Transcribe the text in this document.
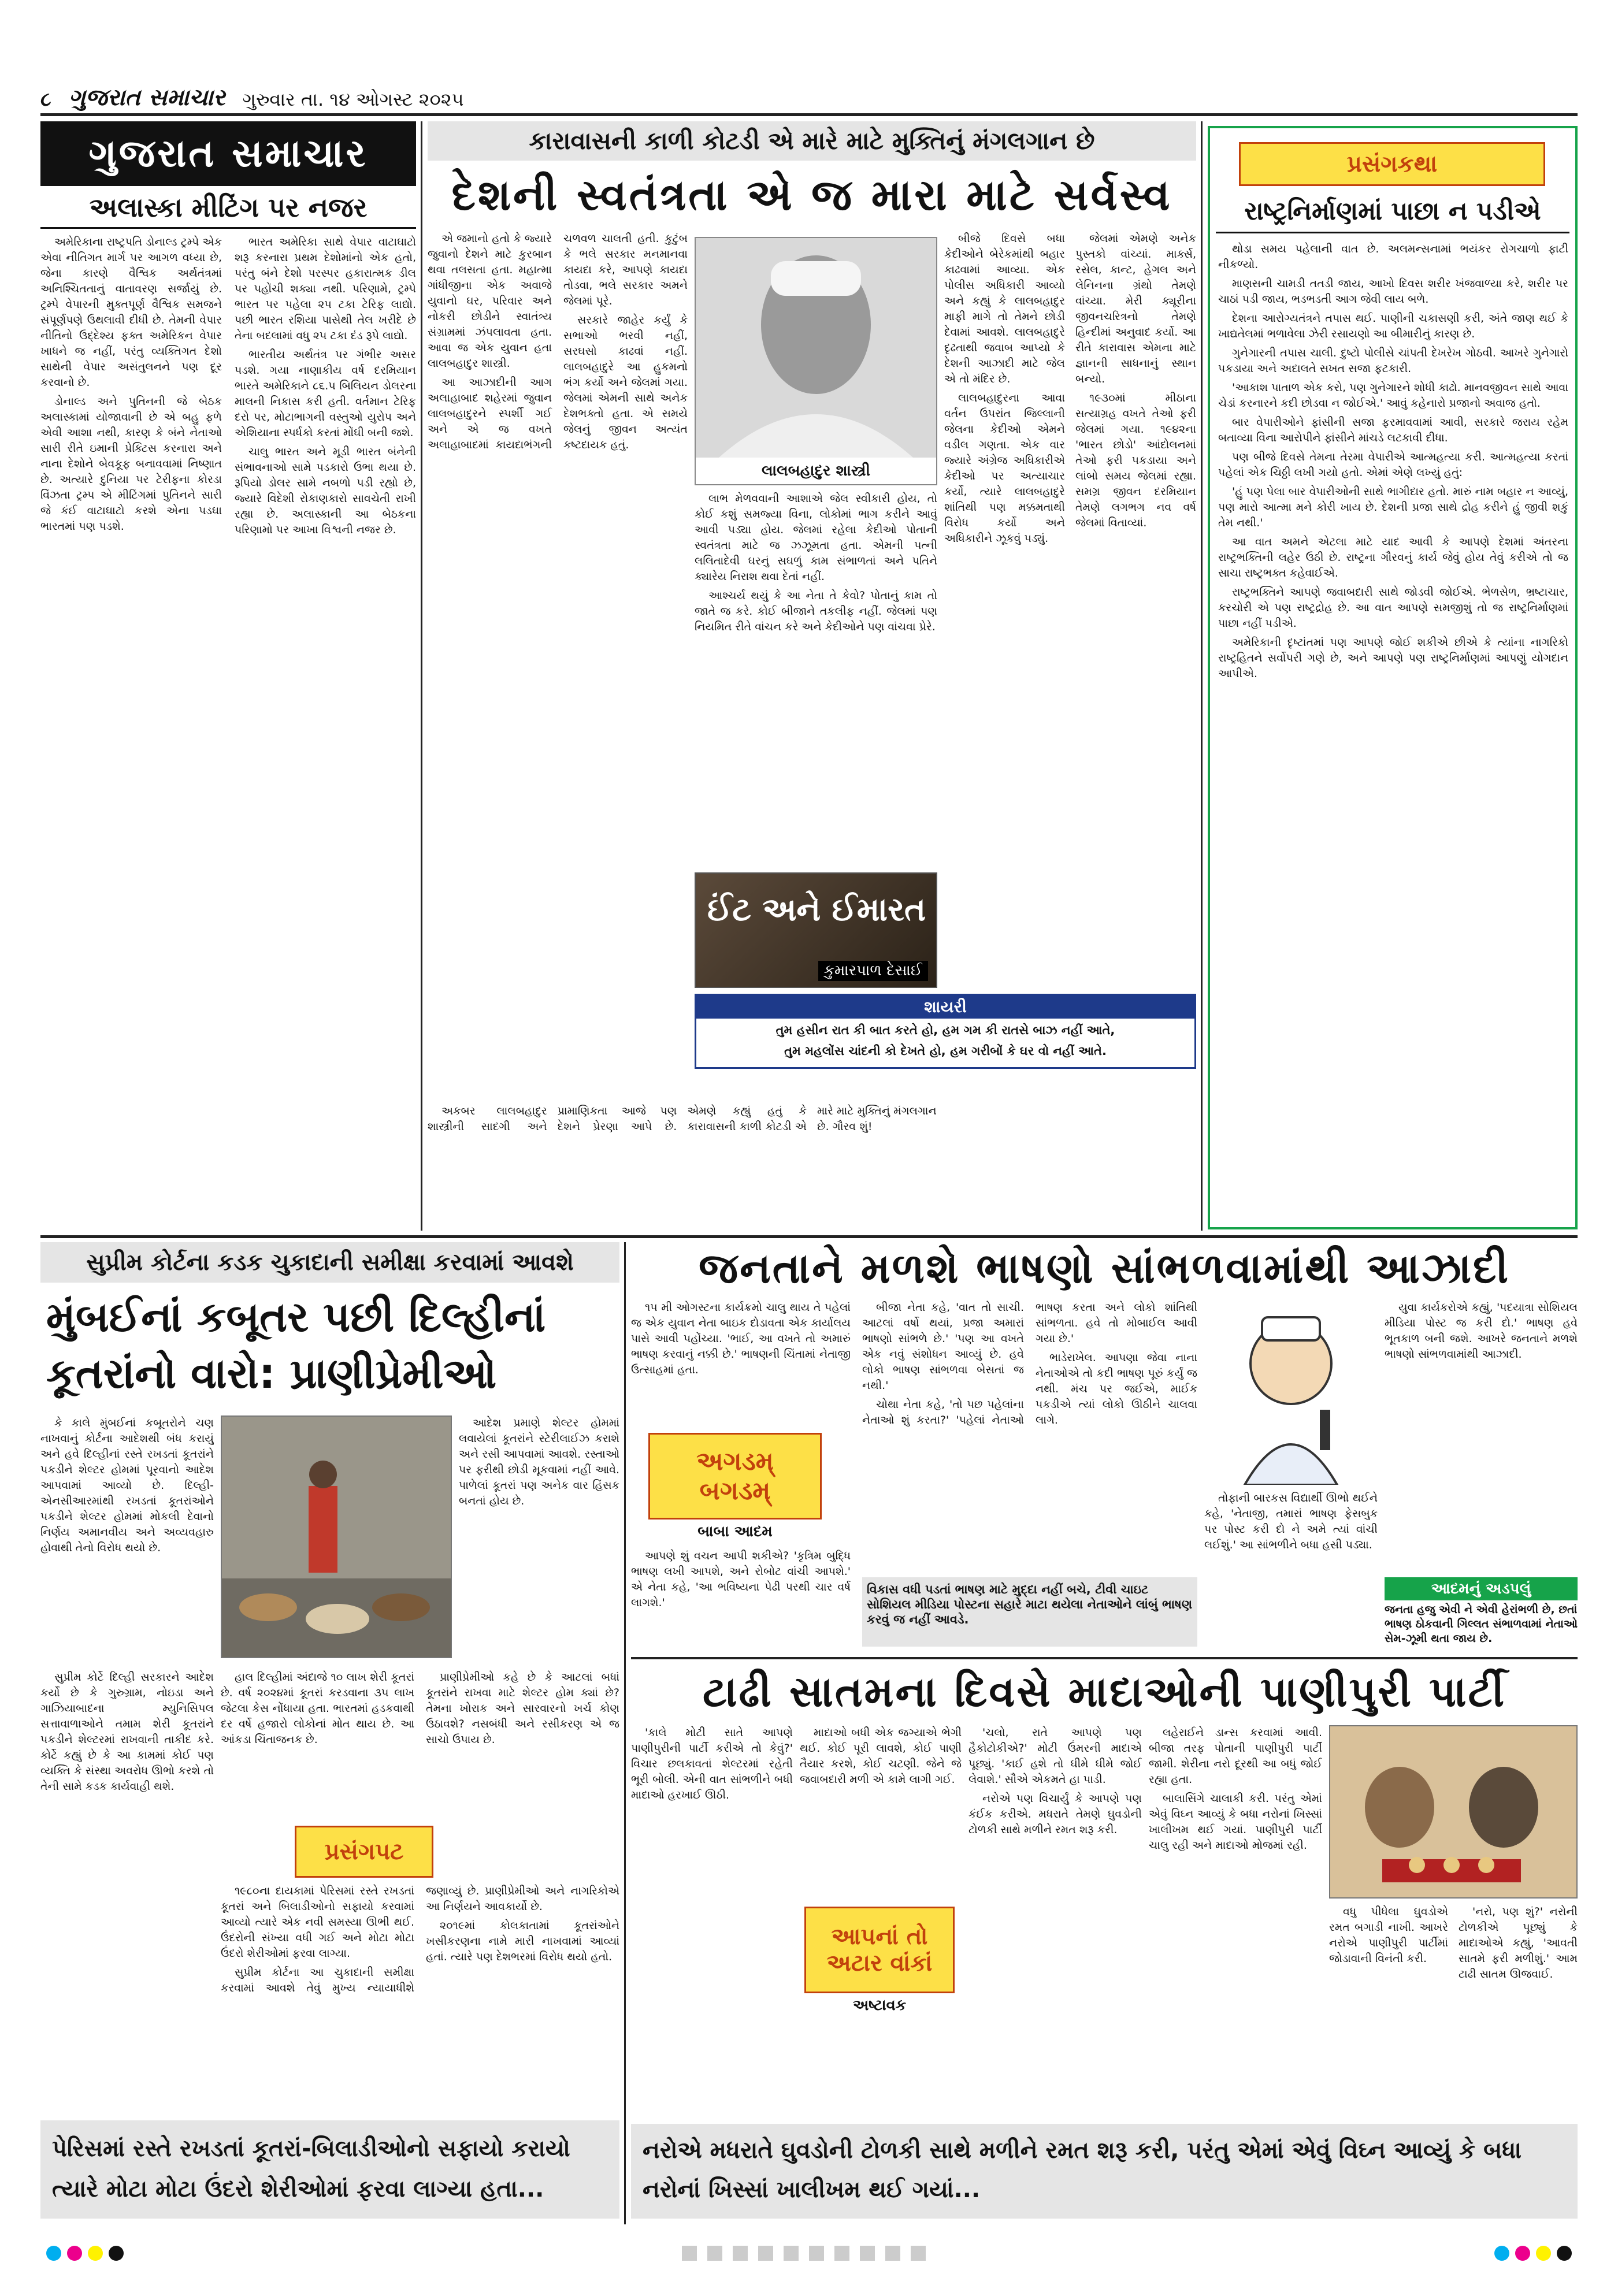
૮ ગુજરાત સમાચાર ગુરુવાર તા. ૧૪ ઓગસ્ટ ૨૦૨૫
ગુજરાત સમાચાર
અલાસ્કા મીટિંગ પર નજર

અમેરિકાના રાષ્ટ્રપતિ ડોનાલ્ડ ટ્રમ્પે એક એવા નીતિગત માર્ગ પર આગળ વધ્યા છે, જેના કારણે વૈશ્વિક અર્થતંત્રમાં અનિશ્ચિતતાનું વાતાવરણ સર્જાયું છે. ટ્રમ્પે વેપારની મુક્તપૂર્ણ વૈશ્વિક સમજને સંપૂર્ણપણે ઉથલાવી દીધી છે. તેમની વેપાર નીતિનો ઉદ્દેશ્ય ફક્ત અમેરિકન વેપાર ખાધને જ નહીં, પરંતુ વ્યક્તિગત દેશો સાથેની વેપાર અસંતુલનને પણ દૂર કરવાનો છે.

ડોનાલ્ડ અને પુતિનની જે બેઠક અલાસ્કામાં યોજાવાની છે એ બહુ ફળે એવી આશા નથી, કારણ કે બંને નેતાઓ સારી રીતે ઇમાની પ્રેક્ટિસ કરનારા અને નાના દેશોને બેવકૂફ બનાવવામાં નિષ્ણાત છે. અત્યારે દુનિયા પર ટેરીફના કોરડા વિંઝતા ટ્રમ્પ એ મીટિંગમાં પુતિનને સારી જે કંઈ વાટાઘાટો કરશે એના પડઘા ભારતમાં પણ પડશે.

ભારત અમેરિકા સાથે વેપાર વાટાઘાટો શરૂ કરનારા પ્રથમ દેશોમાંનો એક હતો, પરંતુ બંને દેશો પરસ્પર હકારાત્મક ડીલ પર પહોંચી શક્યા નથી. પરિણામે, ટ્રમ્પે ભારત પર પહેલા ૨૫ ટકા ટેરિફ લાદ્યો. પછી ભારત રશિયા પાસેથી તેલ ખરીદે છે તેના બદલામાં વધુ ૨૫ ટકા દંડ રૂપે લાદ્યો.

ભારતીય અર્થતંત્ર પર ગંભીર અસર પડશે. ગયા નાણાકીય વર્ષ દરમિયાન ભારતે અમેરિકાને ૮૬.૫ બિલિયન ડોલરના માલની નિકાસ કરી હતી. વર્તમાન ટેરિફ દરો પર, મોટાભાગની વસ્તુઓ યુરોપ અને એશિયાના સ્પર્ધકો કરતાં મોંઘી બની જશે.

ચાલુ ભારત અને મૂડી ભારત બંનેની સંભાવનાઓ સામે પડકારો ઉભા થયા છે. રૂપિયો ડોલર સામે નબળો પડી રહ્યો છે, જ્યારે વિદેશી રોકાણકારો સાવચેતી રાખી રહ્યા છે. અલાસ્કાની આ બેઠકના પરિણામો પર આખા વિશ્વની નજર છે.

કારાવાસની કાળી કોટડી એ મારે માટે મુક્તિનું મંગલગાન છે
દેશની સ્વતંત્રતા એ જ મારા માટે સર્વસ્વ
લાલબહાદુર શાસ્ત્રી

એ જમાનો હતો કે જ્યારે જુવાનો દેશને માટે કુરબાન થવા તલસતા હતા. મહાત્મા ગાંધીજીના એક અવાજે યુવાનો ઘર, પરિવાર અને નોકરી છોડીને સ્વાતંત્ર્ય સંગ્રામમાં ઝંપલાવતા હતા. આવા જ એક યુવાન હતા લાલબહાદુર શાસ્ત્રી.

આ આઝાદીની આગ અલાહાબાદ શહેરમાં જુવાન લાલબહાદુરને સ્પર્શી ગઈ અને એ જ વખતે અલાહાબાદમાં કાયદાભંગની ચળવળ ચાલતી હતી. કુટુંબ કે ભલે સરકાર મનમાનવા કાયદા કરે, આપણે કાયદા તોડવા, ભલે સરકાર અમને જેલમાં પૂરે.

સરકારે જાહેર કર્યું કે સભાઓ ભરવી નહીં, સરઘસો કાઢવાં નહીં. લાલબહાદુરે આ હુકમનો ભંગ કર્યો અને જેલમાં ગયા. જેલમાં એમની સાથે અનેક દેશભક્તો હતા. એ સમયે જેલનું જીવન અત્યંત કષ્ટદાયક હતું.

લાભ મેળવવાની આશાએ જેલ સ્વીકારી હોય, તો કોઈ કશું સમજ્યા વિના, લોકોમાં ભાગ કરીને આવું આવી પડ્યા હોય. જેલમાં રહેલા કેદીઓ પોતાની સ્વતંત્રતા માટે જ ઝઝૂમતા હતા. એમની પત્ની લલિતાદેવી ઘરનું સઘળું કામ સંભાળતાં અને પતિને ક્યારેય નિરાશ થવા દેતાં નહીં.

આશ્ચર્ય થયું કે આ નેતા તે કેવો? પોતાનું કામ તો જાતે જ કરે. કોઈ બીજાને તકલીફ નહીં. જેલમાં પણ નિયમિત રીતે વાંચન કરે અને કેદીઓને પણ વાંચવા પ્રેરે.

ઈંટ અને ઈમારત
કુમારપાળ દેસાઈ

બીજે દિવસે બધા કેદીઓને બેરેકમાંથી બહાર કાઢવામાં આવ્યા. એક પોલીસ અધિકારી આવ્યો અને કહ્યું કે લાલબહાદુર માફી માગે તો તેમને છોડી દેવામાં આવશે. લાલબહાદુરે દૃઢતાથી જવાબ આપ્યો કે દેશની આઝાદી માટે જેલ એ તો મંદિર છે.

લાલબહાદુરના આવા વર્તન ઉપરાંત જિલ્લાની જેલના કેદીઓ એમને વડીલ ગણતા. એક વાર જ્યારે અંગ્રેજ અધિકારીએ કેદીઓ પર અત્યાચાર કર્યો, ત્યારે લાલબહાદુરે શાંતિથી પણ મક્કમતાથી વિરોધ કર્યો અને અધિકારીને ઝૂકવું પડ્યું.

જેલમાં એમણે અનેક પુસ્તકો વાંચ્યાં. માર્ક્સ, રસેલ, કાન્ટ, હેગલ અને લેનિનના ગ્રંથો તેમણે વાંચ્યા. મેરી ક્યૂરીના જીવનચરિત્રનો તેમણે હિન્દીમાં અનુવાદ કર્યો. આ રીતે કારાવાસ એમના માટે જ્ઞાનની સાધનાનું સ્થાન બન્યો.

૧૯૩૦માં મીઠાના સત્યાગ્રહ વખતે તેઓ ફરી જેલમાં ગયા. ૧૯૪૨ના 'ભારત છોડો' આંદોલનમાં તેઓ ફરી પકડાયા અને લાંબો સમય જેલમાં રહ્યા. સમગ્ર જીવન દરમિયાન તેમણે લગભગ નવ વર્ષ જેલમાં વિતાવ્યાં.

અકબર લાલબહાદુર શાસ્ત્રીની સાદગી અને પ્રામાણિકતા આજે પણ દેશને પ્રેરણા આપે છે. એમણે કહ્યું હતું કે કારાવાસની કાળી કોટડી એ મારે માટે મુક્તિનું મંગલગાન છે. ગૌરવ શું!

શાયરી
તુમ હસીન રાત કી બાત કરતે હો, હમ ગમ કી રાતસે બાઝ નહીં આતે,
તુમ મહલોંસ ચાંદની કો દેખતે હો, હમ ગરીબોં કે ઘર વો નહીં આતે.
પ્રસંગકથા
રાષ્ટ્રનિર્માણમાં પાછા ન પડીએ

થોડા સમય પહેલાની વાત છે. અલમન્સનામાં ભયંકર રોગચાળો ફાટી નીકળ્યો.

માણસની ચામડી તતડી જાય, આખો દિવસ શરીર ખંજવાળ્યા કરે, શરીર પર ચાઠાં પડી જાય, ભડભડતી આગ જેવી લાય બળે.

દેશના આરોગ્યતંત્રને તપાસ થઈ. પાણીની ચકાસણી કરી, અંતે જાણ થઈ કે ખાદ્યતેલમાં ભળાવેલા ઝેરી રસાયણો આ બીમારીનું કારણ છે.

ગુનેગારની તપાસ ચાલી. દુષ્ટો પોલીસે ચાંપતી દેખરેખ ગોઠવી. આખરે ગુનેગારો પકડાયા અને અદાલતે સખત સજા ફટકારી.

'આકાશ પાતાળ એક કરો, પણ ગુનેગારને શોધી કાઢો. માનવજીવન સાથે આવા ચેડાં કરનારને કદી છોડવા ન જોઈએ.' આવું કહેનારો પ્રજાનો અવાજ હતો.

બાર વેપારીઓને ફાંસીની સજા ફરમાવવામાં આવી, સરકારે જરાય રહેમ બતાવ્યા વિના આરોપીને ફાંસીને માંચડે લટકાવી દીધા.

પણ બીજે દિવસે તેમના તેરમા વેપારીએ આત્મહત્યા કરી. આત્મહત્યા કરતાં પહેલાં એક ચિઠ્ઠી લખી ગયો હતો. એમાં એણે લખ્યું હતું:

'હું પણ પેલા બાર વેપારીઓની સાથે ભાગીદાર હતો. મારું નામ બહાર ન આવ્યું, પણ મારો આત્મા મને કોરી ખાય છે. દેશની પ્રજા સાથે દ્રોહ કરીને હું જીવી શકું તેમ નથી.'

આ વાત અમને એટલા માટે યાદ આવી કે આપણે દેશમાં અંતરના રાષ્ટ્રભક્તિની લહેર ઉઠી છે. રાષ્ટ્રના ગૌરવનું કાર્ય જેવું હોય તેવું કરીએ તો જ સાચા રાષ્ટ્રભક્ત કહેવાઈએ.

રાષ્ટ્રભક્તિને આપણે જવાબદારી સાથે જોડવી જોઈએ. ભેળસેળ, ભ્રષ્ટાચાર, કરચોરી એ પણ રાષ્ટ્રદ્રોહ છે. આ વાત આપણે સમજીશું તો જ રાષ્ટ્રનિર્માણમાં પાછા નહીં પડીએ.

અમેરિકાની દૃષ્ટાંતમાં પણ આપણે જોઈ શકીએ છીએ કે ત્યાંના નાગરિકો રાષ્ટ્રહિતને સર્વોપરી ગણે છે, અને આપણે પણ રાષ્ટ્રનિર્માણમાં આપણું યોગદાન આપીએ.

સુપ્રીમ કોર્ટના કડક ચુકાદાની સમીક્ષા કરવામાં આવશે
મુંબઈનાં કબૂતર પછી દિલ્હીનાં કૂતરાંનો વારો: પ્રાણીપ્રેમીઓ

કે કાલે મુંબઈનાં કબૂતરોને ચણ નાખવાનું કોર્ટના આદેશથી બંધ કરાયું અને હવે દિલ્હીનાં રસ્તે રખડતાં કૂતરાંને પકડીને શેલ્ટર હોમમાં પૂરવાનો આદેશ આપવામાં આવ્યો છે. દિલ્હી-એનસીઆરમાંથી રખડતાં કૂતરાંઓને પકડીને શેલ્ટર હોમમાં મોકલી દેવાનો નિર્ણય અમાનવીય અને અવ્યવહારુ હોવાથી તેનો વિરોધ થયો છે.

આદેશ પ્રમાણે શેલ્ટર હોમમાં લવાયેલાં કૂતરાંને સ્ટેરીલાઈઝ કરાશે અને રસી આપવામાં આવશે. રસ્તાઓ પર ફરીથી છોડી મૂકવામાં નહીં આવે. પાળેલાં કૂતરાં પણ અનેક વાર હિંસક બનતાં હોય છે.

સુપ્રીમ કોર્ટે દિલ્હી સરકારને આદેશ કર્યો છે કે ગુરુગ્રામ, નોઇડા અને ગાઝિયાબાદના મ્યુનિસિપલ સત્તાવાળાઓને તમામ શેરી કૂતરાંને પકડીને શેલ્ટરમાં રાખવાની તાકીદ કરે. કોર્ટે કહ્યું છે કે આ કામમાં કોઈ પણ વ્યક્તિ કે સંસ્થા અવરોધ ઊભો કરશે તો તેની સામે કડક કાર્યવાહી થશે.

પ્રસંગપટ

હાલ દિલ્હીમાં અંદાજે ૧૦ લાખ શેરી કૂતરાં છે. વર્ષ ૨૦૨૪માં કૂતરાં કરડવાના ૩૫ લાખ જેટલા કેસ નોંધાયા હતા. ભારતમાં હડકવાથી દર વર્ષે હજારો લોકોનાં મોત થાય છે. આ આંકડા ચિંતાજનક છે.

પ્રાણીપ્રેમીઓ કહે છે કે આટલાં બધાં કૂતરાંને રાખવા માટે શેલ્ટર હોમ ક્યાં છે? તેમના ખોરાક અને સારવારનો ખર્ચ કોણ ઉઠાવશે? નસબંધી અને રસીકરણ એ જ સાચો ઉપાય છે.

૧૯૮૦ના દાયકામાં પેરિસમાં રસ્તે રખડતાં કૂતરાં અને બિલાડીઓનો સફાયો કરવામાં આવ્યો ત્યારે એક નવી સમસ્યા ઊભી થઈ. ઉંદરોની સંખ્યા વધી ગઈ અને મોટા મોટા ઉંદરો શેરીઓમાં ફરવા લાગ્યા.

સુપ્રીમ કોર્ટના આ ચુકાદાની સમીક્ષા કરવામાં આવશે તેવું મુખ્ય ન્યાયાધીશે જણાવ્યું છે. પ્રાણીપ્રેમીઓ અને નાગરિકોએ આ નિર્ણયને આવકાર્યો છે.

૨૦૧૯માં કોલકાતામાં કૂતરાંઓને ખસીકરણના નામે મારી નાખવામાં આવ્યાં હતાં. ત્યારે પણ દેશભરમાં વિરોધ થયો હતો.

પેરિસમાં રસ્તે રખડતાં કૂતરાં-બિલાડીઓનો સફાયો કરાયો ત્યારે મોટા મોટા ઉંદરો શેરીઓમાં ફરવા લાગ્યા હતા...
જનતાને મળશે ભાષણો સાંભળવામાંથી આઝાદી

૧૫ મી ઓગસ્ટના કાર્યક્રમો ચાલુ થાય તે પહેલાં જ એક યુવાન નેતા બાઇક દોડાવતા એક કાર્યાલય પાસે આવી પહોંચ્યા. 'ભાઈ, આ વખતે તો અમારું ભાષણ કરવાનું નક્કી છે.' ભાષણની ચિંતામાં નેતાજી ઉત્સાહમાં હતા.

અગડમ્
બગડમ્
બાબા આદમ

બીજા નેતા કહે, 'વાત તો સાચી. આટલાં વર્ષો થયાં, પ્રજા અમારાં ભાષણો સાંભળે છે.' 'પણ આ વખતે એક નવું સંશોધન આવ્યું છે. હવે લોકો ભાષણ સાંભળવા બેસતાં જ નથી.'

ચોથા નેતા કહે, 'તો પછ પહેલાંના નેતાઓ શું કરતા?' 'પહેલાં નેતાઓ ભાષણ કરતા અને લોકો શાંતિથી સાંભળતા. હવે તો મોબાઈલ આવી ગયા છે.'

ભાડેરાખેલ. આપણા જેવા નાના નેતાઓએ તો કદી ભાષણ પૂરું કર્યું જ નથી. મંચ પર જઈએ, માઈક પકડીએ ત્યાં લોકો ઊઠીને ચાલવા લાગે.

આપણે શું વચન આપી શકીએ? 'કૃત્રિમ બુદ્ધિ ભાષણ લખી આપશે, અને રોબોટ વાંચી આપશે.' એ નેતા કહે, 'આ ભવિષ્યના પેઢી પરથી ચાર વર્ષ લાગશે.'

વિકાસ વધી પડતાં ભાષણ માટે મુદ્દા નહીં બચે, ટીવી ચાઇટ સોશિયલ મીડિયા પોસ્ટના સહારે માટા થયેલા નેતાઓને લાંબું ભાષણ કરવું જ નહીં આવડે.

તોફાની બારકસ વિદ્યાર્થી ઊભો થઈને કહે, 'નેતાજી, તમારાં ભાષણ ફેસબુક પર પોસ્ટ કરી દો ને અમે ત્યાં વાંચી લઈશું.' આ સાંભળીને બધા હસી પડ્યા.

યુવા કાર્યકરોએ કહ્યું, 'પદયાત્રા સોશિયલ મીડિયા પોસ્ટ જ કરી દો.' ભાષણ હવે ભૂતકાળ બની જશે. આખરે જનતાને મળશે ભાષણો સાંભળવામાંથી આઝાદી.

આદમનું અડપલું
જનતા હજુ એવી ને એવી હેરાંભળી છે, છતાં ભાષણ ઠોકવાની ગિલ્લત સંભાળવામાં નેતાઓ સેમ-ઝૂમી થતા જાય છે.
ટાઢી સાતમના દિવસે માદાઓની પાણીપુરી પાર્ટી

'કાલે મોટી સાતે આપણે પાણીપુરીની પાર્ટી કરીએ તો કેવું?' વિચાર છલકાવતાં શેલ્ટરમાં રહેતી ભૂરી બોલી. એની વાત સાંભળીને બધી માદાઓ હરખાઈ ઊઠી.

માદાઓ બધી એક જગ્યાએ ભેગી થઈ. કોઈ પૂરી લાવશે, કોઈ પાણી તૈયાર કરશે, કોઈ ચટણી. જેને જે જવાબદારી મળી એ કામે લાગી ગઈ.

'ચલો, રાતે આપણે પણ હૈકોટોકીએ?' મોટી ઉંમરની માદાએ પૂછ્યું. 'કાઈ હશે તો ઘીમે ઘીમે જોઈ લેવાશે.' સૌએ એકમતે હા પાડી.

નરોએ પણ વિચાર્યું કે આપણે પણ કંઈક કરીએ. મધરાતે તેમણે ઘુવડોની ટોળકી સાથે મળીને રમત શરૂ કરી.

આપનાં તો
અટાર વાંકાં
અષ્ટાવક

લહેરાઈને ડાન્સ કરવામાં આવી. બીજા તરફ પોતાની પાણીપુરી પાર્ટી જામી. શેરીના નરો દૂરથી આ બધું જોઈ રહ્યા હતા.

બાલાસિંગે ચાલાકી કરી. પરંતુ એમાં એવું વિઘ્ન આવ્યું કે બધા નરોનાં ખિસ્સાં ખાલીખમ થઈ ગયાં. પાણીપુરી પાર્ટી ચાલુ રહી અને માદાઓ મોજમાં રહી.

વધુ પીધેલા ઘુવડોએ રમત બગાડી નાખી. આખરે નરોએ પાણીપુરી પાર્ટીમાં જોડાવાની વિનંતી કરી.

'નરો, પણ શું?' નરોની ટોળકીએ પૂછ્યું કે માદાઓએ કહ્યું, 'આવતી સાતમે ફરી મળીશું.' આમ ટાઢી સાતમ ઊજવાઈ.

નરોએ મધરાતે ઘુવડોની ટોળકી સાથે મળીને રમત શરૂ કરી, પરંતુ એમાં એવું વિઘ્ન આવ્યું કે બધા નરોનાં ખિસ્સાં ખાલીખમ થઈ ગયાં...
